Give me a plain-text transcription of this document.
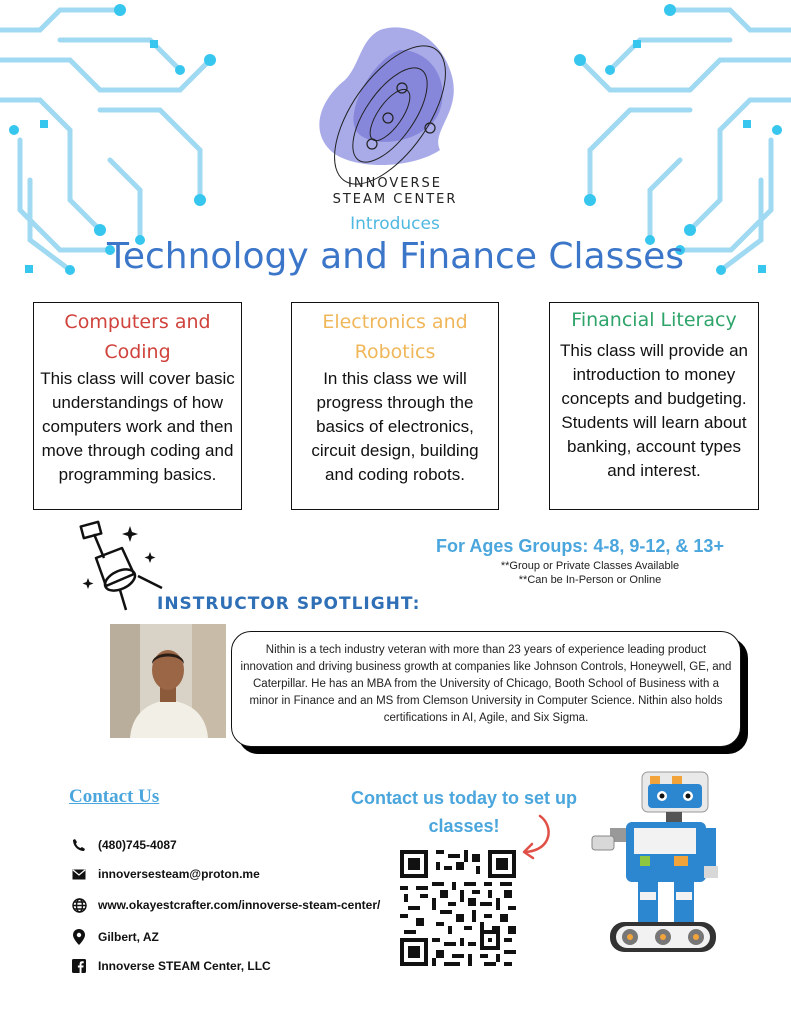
INNOVERSE
STEAM CENTER
Introduces
Technology and Finance Classes
Computers and Coding
This class will cover basic understandings of how computers work and then move through coding and programming basics.
Electronics and Robotics
In this class we will progress through the basics of electronics, circuit design, building and coding robots.
Financial Literacy
This class will provide an introduction to money concepts and budgeting. Students will learn about banking, account types and interest.
For Ages Groups: 4-8, 9-12, & 13+
**Group or Private Classes Available
**Can be In-Person or Online
INSTRUCTOR SPOTLIGHT:
Nithin is a tech industry veteran with more than 23 years of experience leading product innovation and driving business growth at companies like Johnson Controls, Honeywell, GE, and Caterpillar. He has an MBA from the University of Chicago, Booth School of Business with a minor in Finance and an MS from Clemson University in Computer Science. Nithin also holds certifications in AI, Agile, and Six Sigma.
Contact Us
(480)745-4087
innoversesteam@proton.me
www.okayestcrafter.com/innoverse-steam-center/
Gilbert, AZ
Innoverse STEAM Center, LLC
Contact us today to set up classes!
